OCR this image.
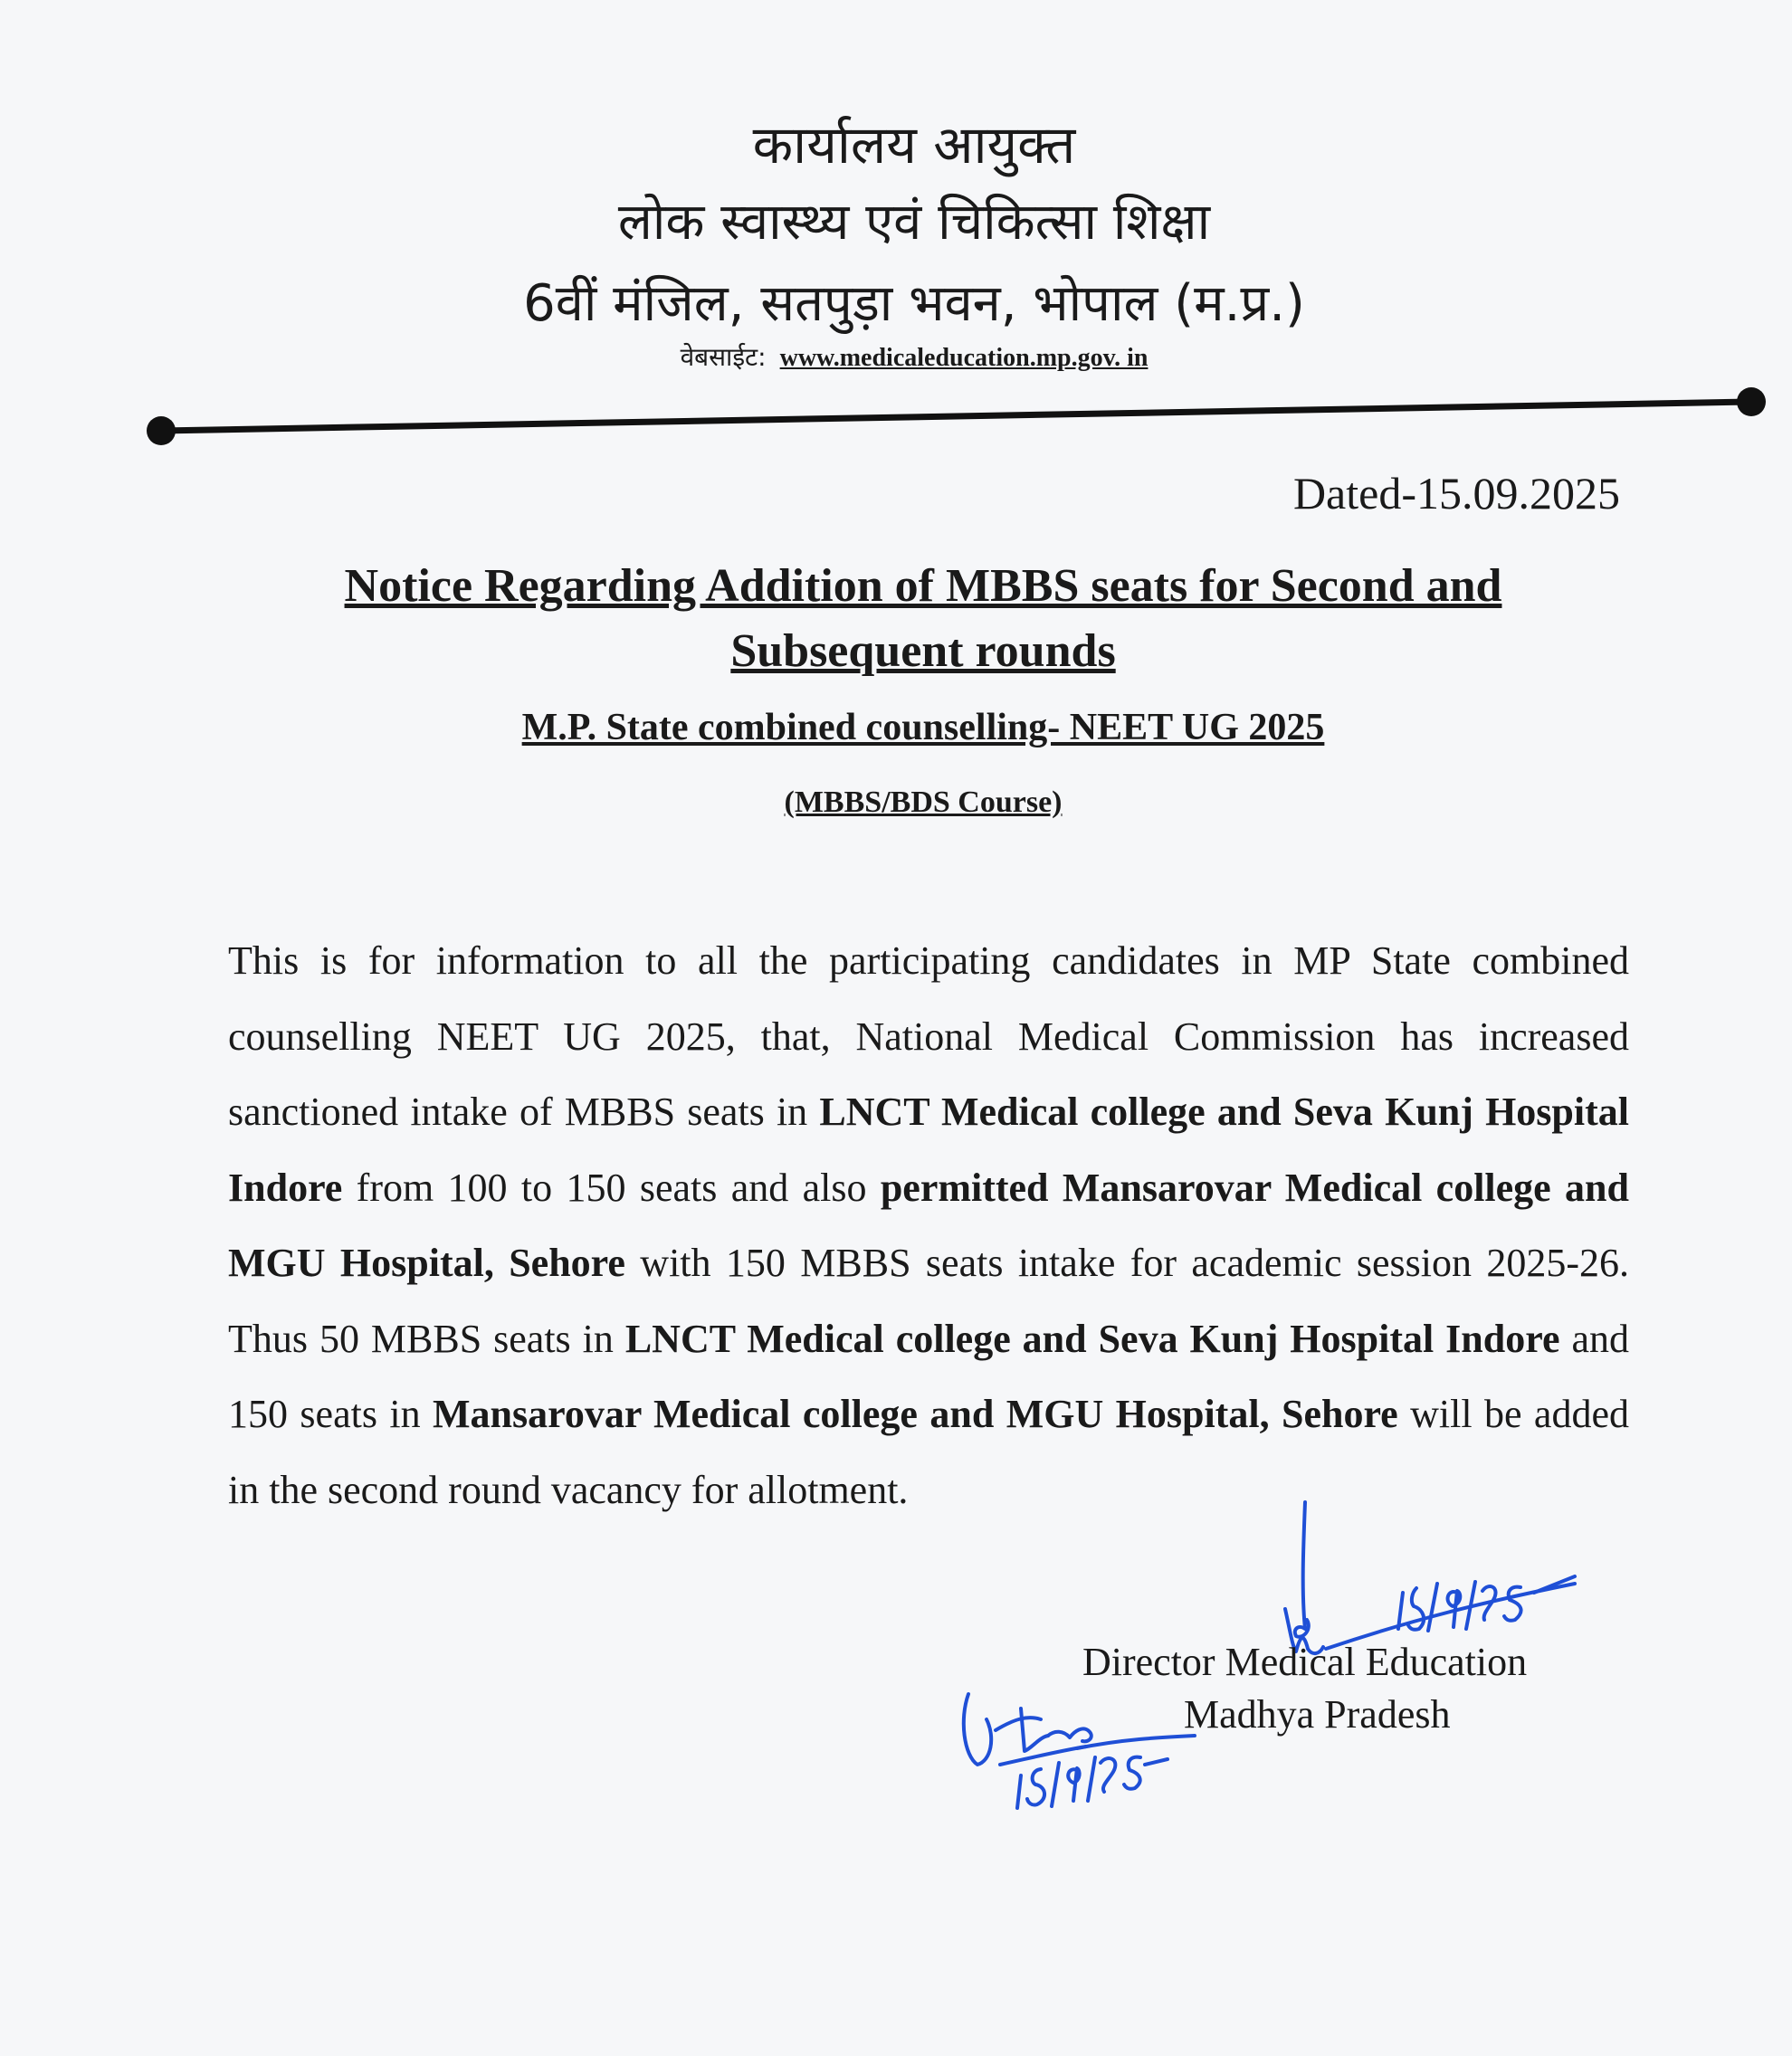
कार्यालय आयुक्त
लोक स्वास्थ्य एवं चिकित्सा शिक्षा
6वीं मंजिल, सतपुड़ा भवन, भोपाल (म.प्र.)
वेबसाईट: www.medicaleducation.mp.gov. in
Dated-15.09.2025
Notice Regarding Addition of MBBS seats for Second and Subsequent rounds
M.P. State combined counselling- NEET UG 2025
(MBBS/BDS Course)
This is for information to all the participating candidates in MP State combined counselling NEET UG 2025, that, National Medical Commission has increased sanctioned intake of MBBS seats in LNCT Medical college and Seva Kunj Hospital Indore from 100 to 150 seats and also permitted Mansarovar Medical college and MGU Hospital, Sehore with 150 MBBS seats intake for academic session 2025-26. Thus 50 MBBS seats in LNCT Medical college and Seva Kunj Hospital Indore and 150 seats in Mansarovar Medical college and MGU Hospital, Sehore will be added in the second round vacancy for allotment.
Director Medical Education
Madhya Pradesh
